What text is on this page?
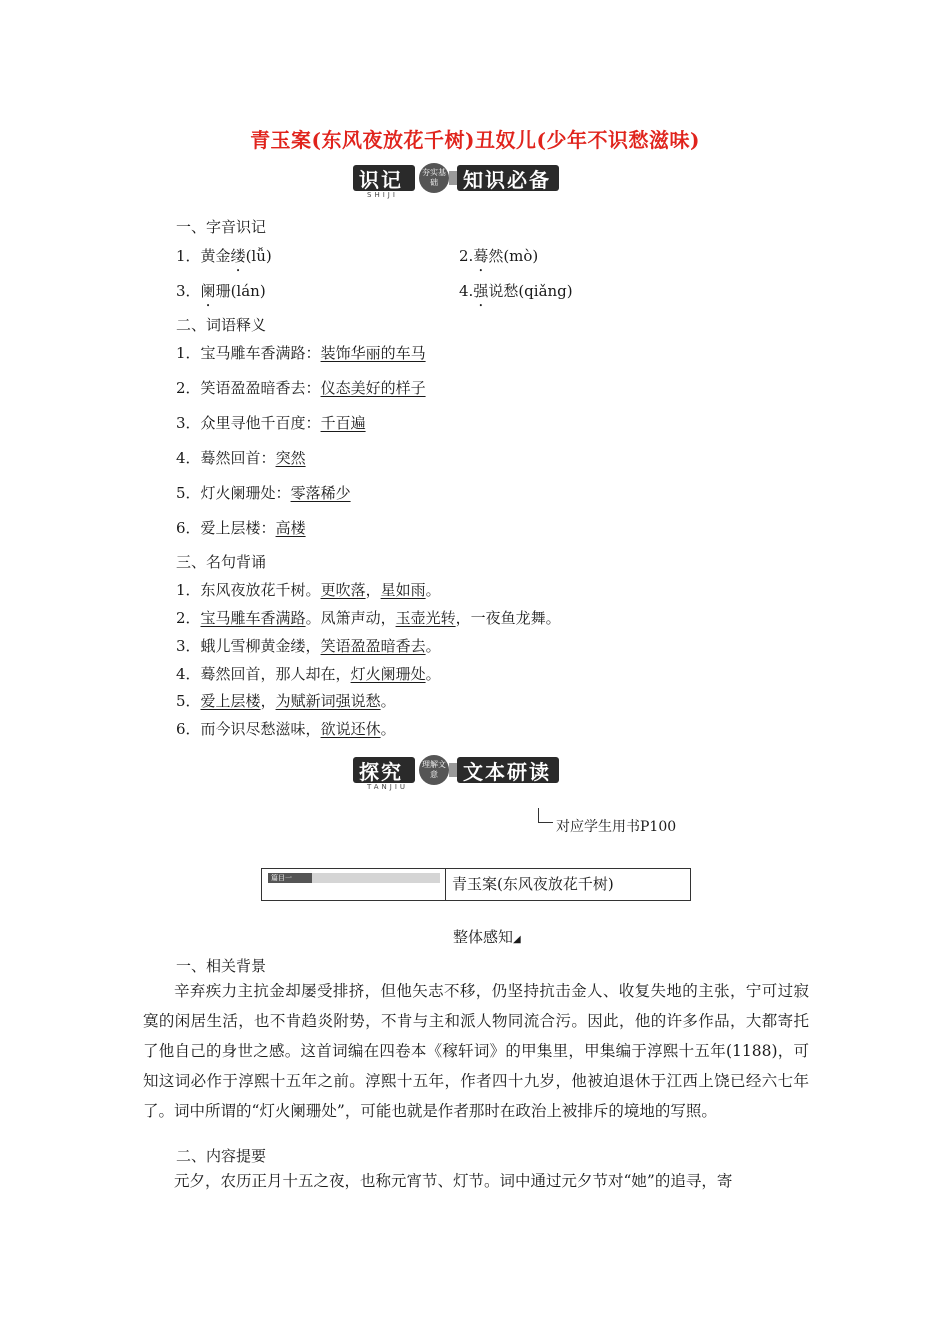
青玉案(东风夜放花千树)丑奴儿(少年不识愁滋味)
识记	夯实基础	知识必备
SHIJI
一、字音识记
1．黄金缕(lǚ)	2.蓦然(mò)
3．阑珊(lán)	4.强说愁(qiǎng)
二、词语释义
1．宝马雕车香满路：装饰华丽的车马
2．笑语盈盈暗香去：仪态美好的样子
3．众里寻他千百度：千百遍
4．蓦然回首：突然
5．灯火阑珊处：零落稀少
6．爱上层楼：高楼
三、名句背诵
1．东风夜放花千树。更吹落，星如雨。
2．宝马雕车香满路。凤箫声动，玉壶光转，一夜鱼龙舞。
3．蛾儿雪柳黄金缕，笑语盈盈暗香去。
4．蓦然回首，那人却在，灯火阑珊处。
5．爱上层楼，为赋新词强说愁。
6．而今识尽愁滋味，欲说还休。
探究	理解文意	文本研读
TANJIU
对应学生用书P100
篇目一	青玉案(东风夜放花千树)
整体感知◢
一、相关背景
辛弃疾力主抗金却屡受排挤，但他矢志不移，仍坚持抗击金人、收复失地的主张，宁可过寂寞的闲居生活，也不肯趋炎附势，不肯与主和派人物同流合污。因此，他的许多作品，大都寄托了他自己的身世之感。这首词编在四卷本《稼轩词》的甲集里，甲集编于淳熙十五年(1188)，可知这词必作于淳熙十五年之前。淳熙十五年，作者四十九岁，他被迫退休于江西上饶已经六七年了。词中所谓的“灯火阑珊处”，可能也就是作者那时在政治上被排斥的境地的写照。
二、内容提要
元夕，农历正月十五之夜，也称元宵节、灯节。词中通过元夕节对“她”的追寻，寄
